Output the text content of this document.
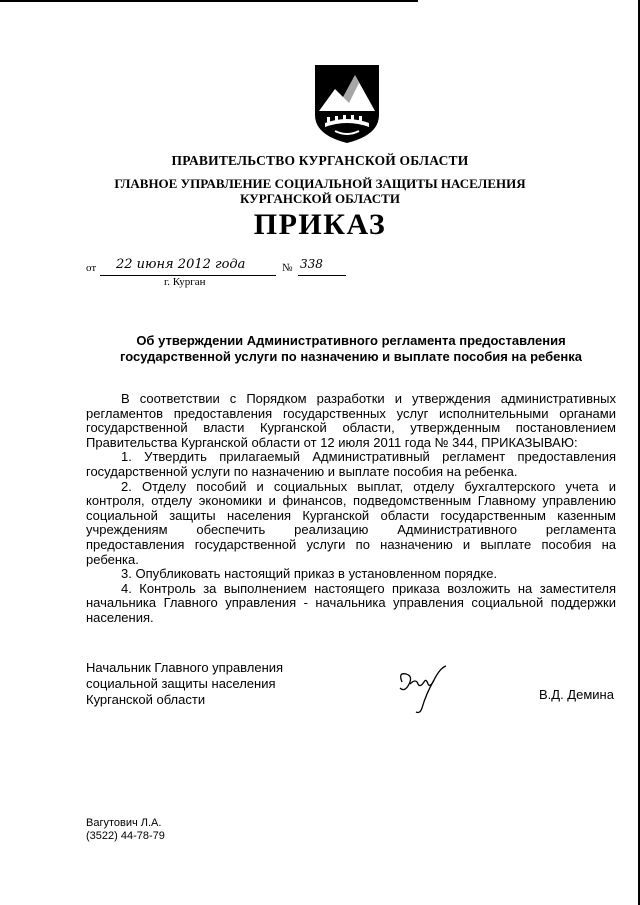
ПРАВИТЕЛЬСТВО КУРГАНСКОЙ ОБЛАСТИ
ГЛАВНОЕ УПРАВЛЕНИЕ СОЦИАЛЬНОЙ ЗАЩИТЫ НАСЕЛЕНИЯ
КУРГАНСКОЙ ОБЛАСТИ
ПРИКАЗ
от 22 июня 2012 года	№ 338
г. Курган
Об утверждении Административного регламента предоставления
государственной услуги по назначению и выплате пособия на ребенка

В соответствии с Порядком разработки и утверждения административных регламентов предоставления государственных услуг исполнительными органами государственной власти Курганской области, утвержденным постановлением Правительства Курганской области от 12 июля 2011 года № 344, ПРИКАЗЫВАЮ:

1. Утвердить прилагаемый Административный регламент предоставления государственной услуги по назначению и выплате пособия на ребенка.

2. Отделу пособий и социальных выплат, отделу бухгалтерского учета и контроля, отделу экономики и финансов, подведомственным Главному управлению социальной защиты населения Курганской области государственным казенным учреждениям обеспечить реализацию Административного регламента предоставления государственной услуги по назначению и выплате пособия на ребенка.

3. Опубликовать настоящий приказ в установленном порядке.

4. Контроль за выполнением настоящего приказа возложить на заместителя начальника Главного управления - начальника управления социальной поддержки населения.

Начальник Главного управления
социальной защиты населения
Курганской области	В.Д. Демина
Вагутович Л.А.
(3522) 44-78-79
